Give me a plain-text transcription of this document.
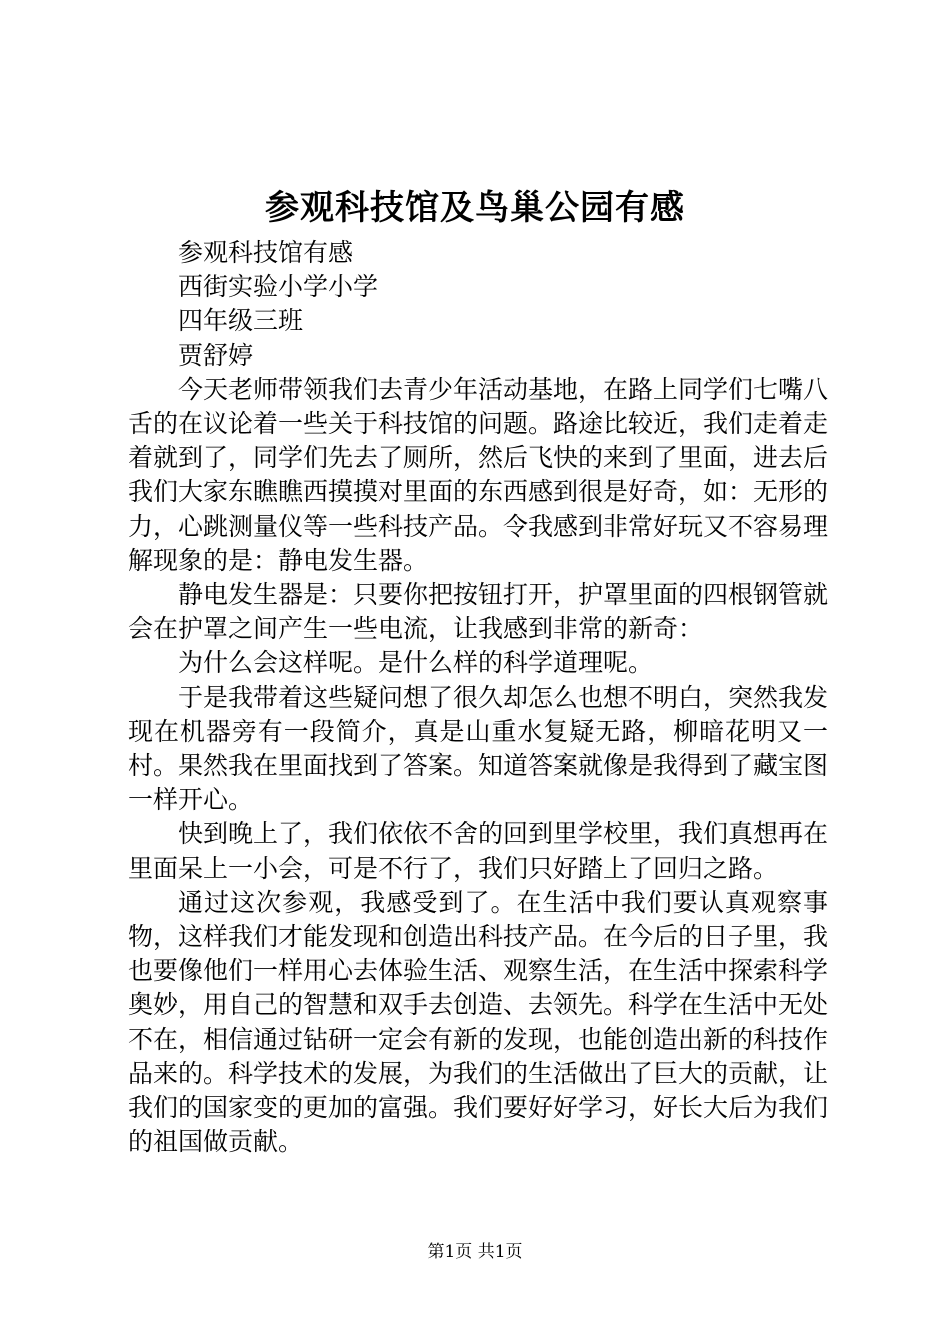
参观科技馆及鸟巢公园有感

参观科技馆有感

西街实验小学小学

四年级三班

贾舒婷

今天老师带领我们去青少年活动基地，在路上同学们七嘴八舌的在议论着一些关于科技馆的问题。路途比较近，我们走着走着就到了，同学们先去了厕所，然后飞快的来到了里面，进去后我们大家东瞧瞧西摸摸对里面的东西感到很是好奇，如：无形的力，心跳测量仪等一些科技产品。令我感到非常好玩又不容易理解现象的是：静电发生器。

静电发生器是：只要你把按钮打开，护罩里面的四根钢管就会在护罩之间产生一些电流，让我感到非常的新奇：

为什么会这样呢。是什么样的科学道理呢。

于是我带着这些疑问想了很久却怎么也想不明白，突然我发现在机器旁有一段简介，真是山重水复疑无路，柳暗花明又一村。果然我在里面找到了答案。知道答案就像是我得到了藏宝图一样开心。

快到晚上了，我们依依不舍的回到里学校里，我们真想再在里面呆上一小会，可是不行了，我们只好踏上了回归之路。

通过这次参观，我感受到了。在生活中我们要认真观察事物，这样我们才能发现和创造出科技产品。在今后的日子里，我也要像他们一样用心去体验生活、观察生活，在生活中探索科学奥妙，用自己的智慧和双手去创造、去领先。科学在生活中无处不在，相信通过钻研一定会有新的发现，也能创造出新的科技作品来的。科学技术的发展，为我们的生活做出了巨大的贡献，让我们的国家变的更加的富强。我们要好好学习，好长大后为我们的祖国做贡献。

第1页 共1页
